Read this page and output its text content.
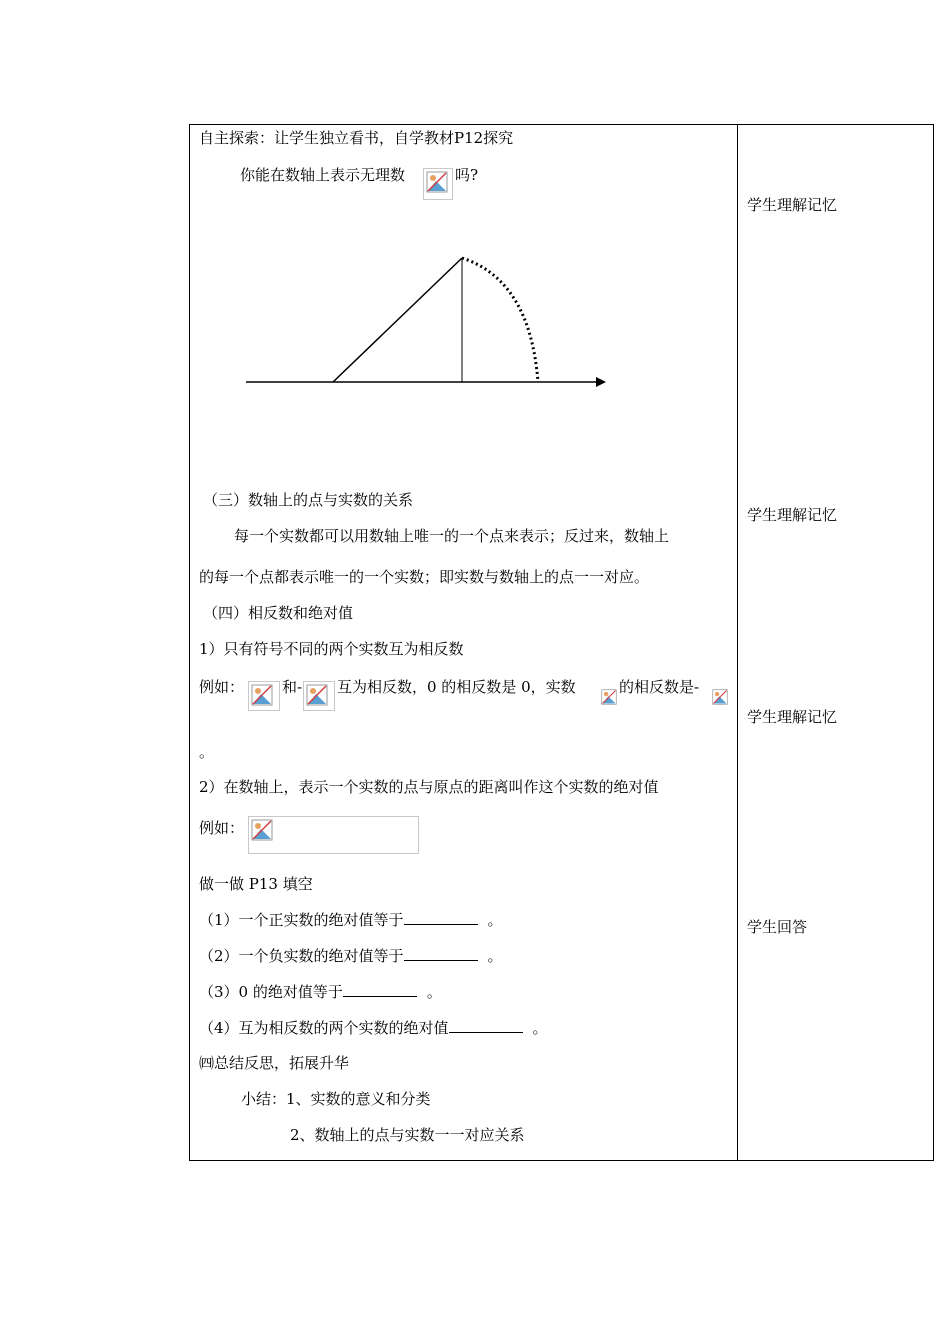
自主探索：让学生独立看书，自学教材P12探究
你能在数轴上表示无理数	吗?
（三）数轴上的点与实数的关系
每一个实数都可以用数轴上唯一的一个点来表示；反过来，数轴上
的每一个点都表示唯一的一个实数；即实数与数轴上的点一一对应。
（四）相反数和绝对值
1）只有符号不同的两个实数互为相反数
例如：	和- 互为相反数，0 的相反数是 0，实数	的相反数是-
。
2）在数轴上，表示一个实数的点与原点的距离叫作这个实数的绝对值
例如：
做一做 P13 填空
（1）一个正实数的绝对值等于	。
（2）一个负实数的绝对值等于	。
（3）0 的绝对值等于	。
（4）互为相反数的两个实数的绝对值	。
㈣总结反思，拓展升华
小结：1、实数的意义和分类
2、数轴上的点与实数一一对应关系
学生理解记忆
学生理解记忆
学生理解记忆
学生回答
